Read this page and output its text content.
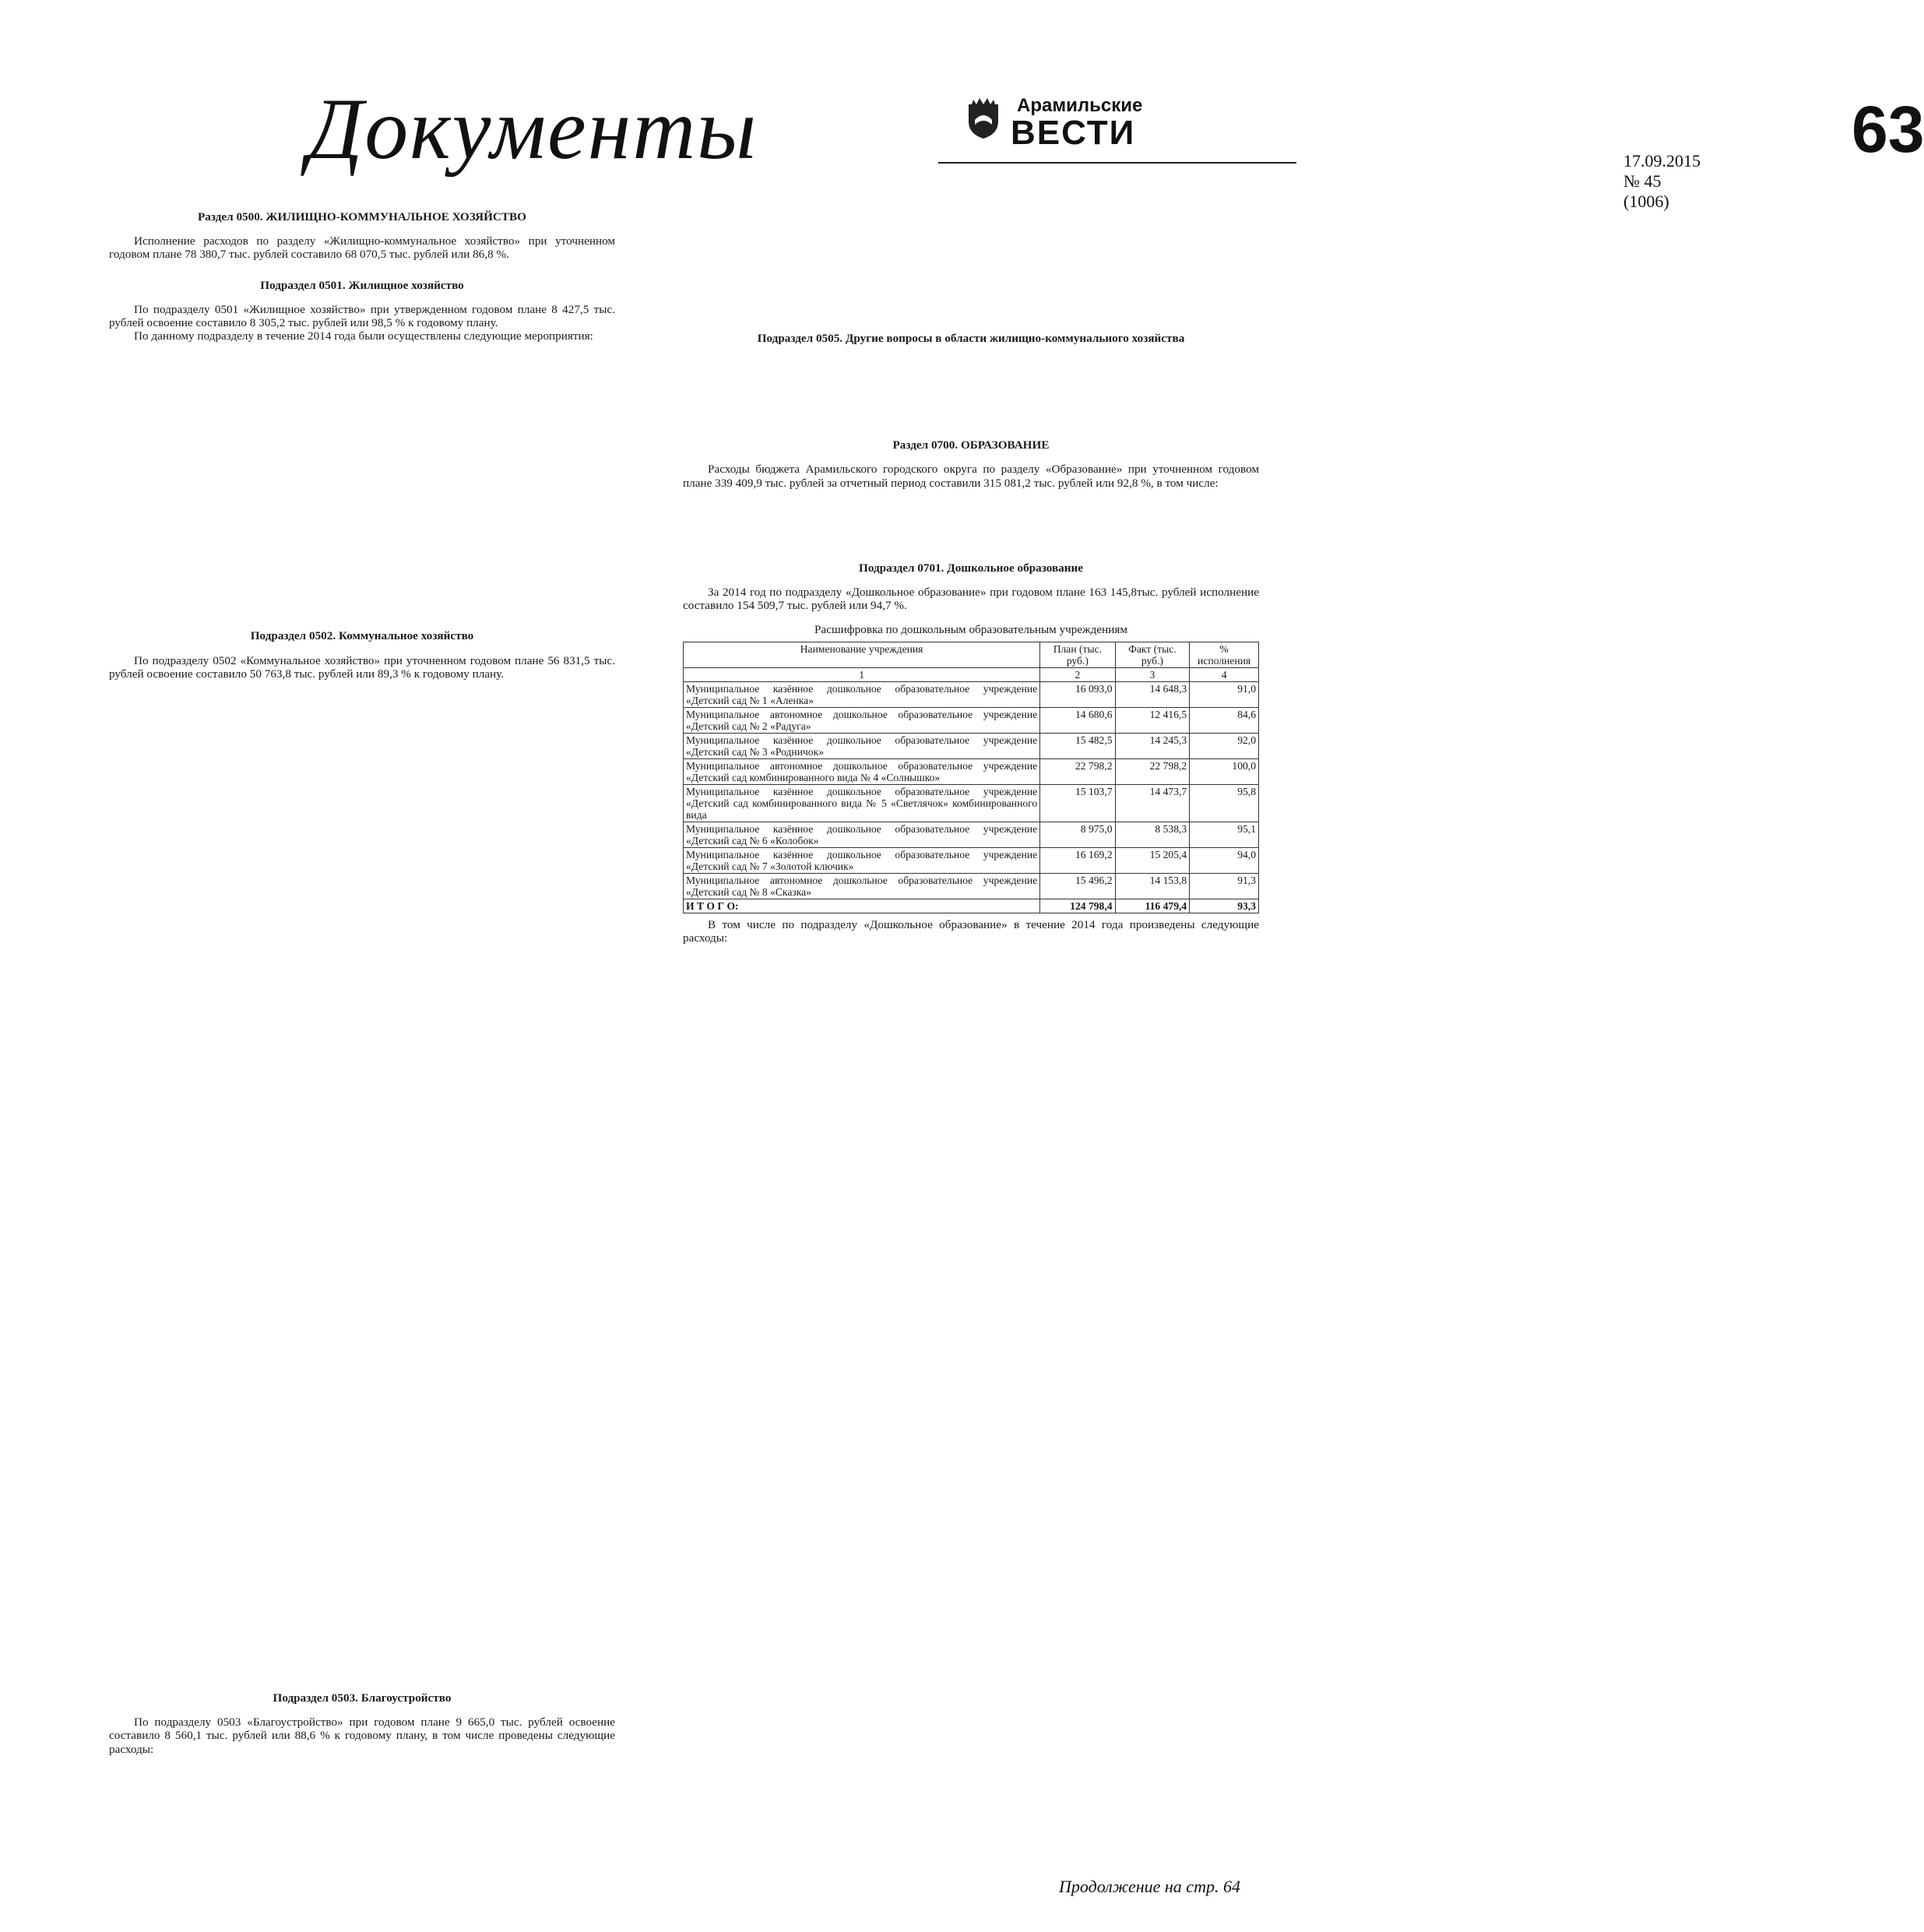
Документы	Арамильские
ВЕСТИ	63
17.09.2015 № 45 (1006)
Раздел 0500. ЖИЛИЩНО-КОММУНАЛЬНОЕ ХОЗЯЙСТВО

Исполнение расходов по разделу «Жилищно-коммунальное хозяйство» при уточненном годовом плане 78 380,7 тыс. рублей составило 68 070,5 тыс. рублей или 86,8 %.

Подраздел 0501. Жилищное хозяйство

По подразделу 0501 «Жилищное хозяйство» при утвержденном годовом плане 8 427,5 тыс. рублей освоение составило 8 305,2 тыс. рублей или 98,5 % к годовому плану.

По данному подразделу в течение 2014 года были осуществлены следующие мероприятия:

Подраздел 0502. Коммунальное хозяйство

По подразделу 0502 «Коммунальное хозяйство» при уточненном годовом плане 56 831,5 тыс. рублей освоение составило 50 763,8 тыс. рублей или 89,3 % к годовому плану.

Подраздел 0503. Благоустройство

По подразделу 0503 «Благоустройство» при годовом плане 9 665,0 тыс. рублей освоение составило 8 560,1 тыс. рублей или 88,6 % к годовому плану, в том числе проведены следующие расходы:

Подраздел 0505. Другие вопросы в области жилищно-коммунального хозяйства
Раздел 0700. ОБРАЗОВАНИЕ

Расходы бюджета Арамильского городского округа по разделу «Образование» при уточненном годовом плане 339 409,9 тыс. рублей за отчетный период составили 315 081,2 тыс. рублей или 92,8 %, в том числе:

Подраздел 0701. Дошкольное образование

За 2014 год по подразделу «Дошкольное образование» при годовом плане 163 145,8тыс. рублей исполнение составило 154 509,7 тыс. рублей или 94,7 %.

Расшифровка по дошкольным образовательным учреждениям

Наименование учреждения	План (тыс. руб.)	Факт (тыс. руб.)	% исполнения
1	2	3	4
Муниципальное казённое дошкольное образовательное учреждение «Детский сад № 1 «Аленка»	16 093,0	14 648,3	91,0
Муниципальное автономное дошкольное образовательное учреждение «Детский сад № 2 «Радуга»	14 680,6	12 416,5	84,6
Муниципальное казённое дошкольное образовательное учреждение «Детский сад № 3 «Родничок»	15 482,5	14 245,3	92,0
Муниципальное автономное дошкольное образовательное учреждение «Детский сад комбинированного вида № 4 «Солнышко»	22 798,2	22 798,2	100,0
Муниципальное казённое дошкольное образовательное учреждение «Детский сад комбинированного вида № 5 «Светлячок» комбинированного вида	15 103,7	14 473,7	95,8
Муниципальное казённое дошкольное образовательное учреждение «Детский сад № 6 «Колобок»	8 975,0	8 538,3	95,1
Муниципальное казённое дошкольное образовательное учреждение «Детский сад № 7 «Золотой ключик»	16 169,2	15 205,4	94,0
Муниципальное автономное дошкольное образовательное учреждение «Детский сад № 8 «Сказка»	15 496,2	14 153,8	91,3
И Т О Г О:	124 798,4	116 479,4	93,3

В том числе по подразделу «Дошкольное образование» в течение 2014 года произведены следующие расходы:

Продолжение на стр. 64
